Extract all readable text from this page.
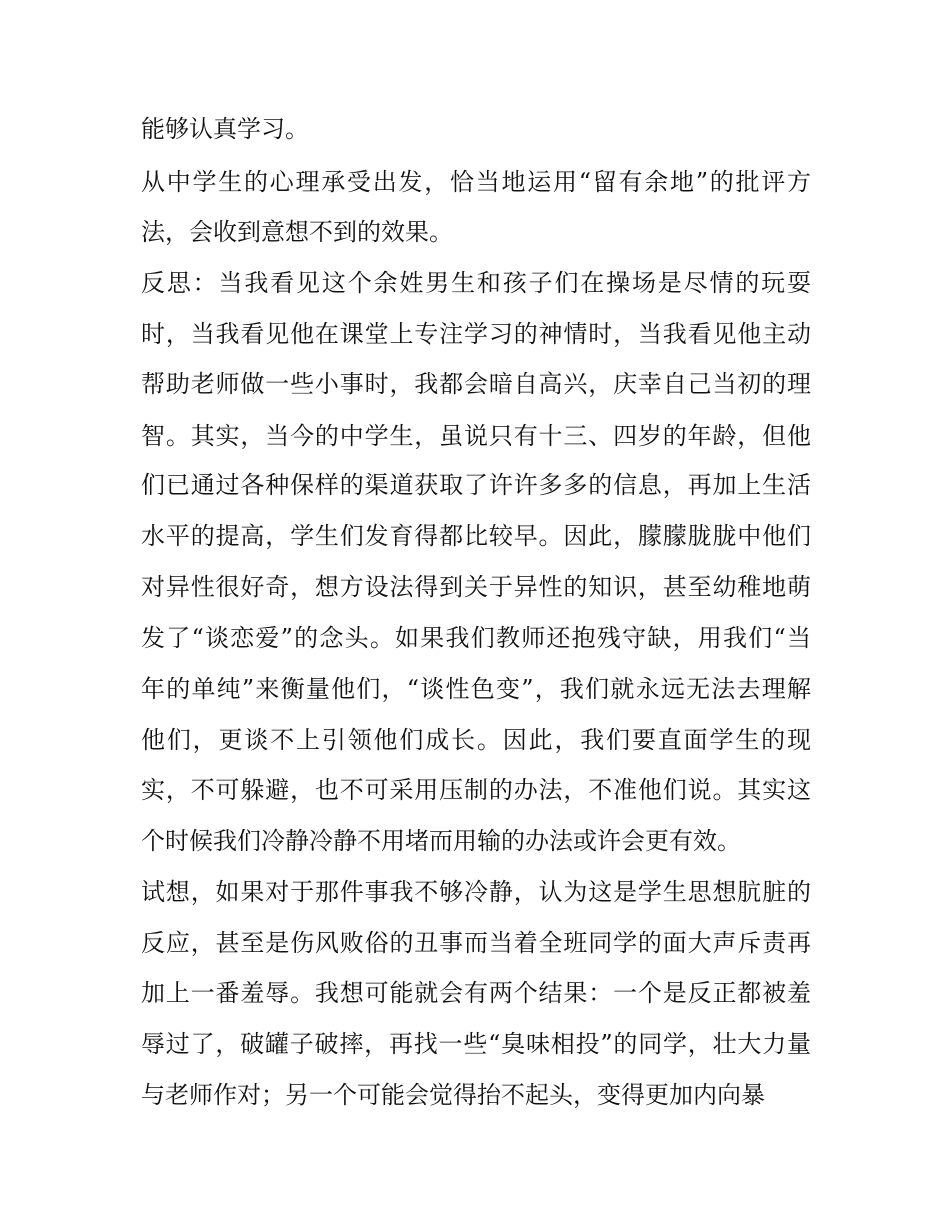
能够认真学习。
从中学生的心理承受出发，恰当地运用“留有余地”的批评方
法，会收到意想不到的效果。
反思：当我看见这个余姓男生和孩子们在操场是尽情的玩耍
时，当我看见他在课堂上专注学习的神情时，当我看见他主动
帮助老师做一些小事时，我都会暗自高兴，庆幸自己当初的理
智。其实，当今的中学生，虽说只有十三、四岁的年龄，但他
们已通过各种保样的渠道获取了许许多多的信息，再加上生活
水平的提高，学生们发育得都比较早。因此，朦朦胧胧中他们
对异性很好奇，想方设法得到关于异性的知识，甚至幼稚地萌
发了“谈恋爱”的念头。如果我们教师还抱残守缺，用我们“当
年的单纯”来衡量他们，“谈性色变”，我们就永远无法去理解
他们，更谈不上引领他们成长。因此，我们要直面学生的现
实，不可躲避，也不可采用压制的办法，不准他们说。其实这
个时候我们冷静冷静不用堵而用输的办法或许会更有效。
试想，如果对于那件事我不够冷静，认为这是学生思想肮脏的
反应，甚至是伤风败俗的丑事而当着全班同学的面大声斥责再
加上一番羞辱。我想可能就会有两个结果：一个是反正都被羞
辱过了，破罐子破摔，再找一些“臭味相投”的同学，壮大力量
与老师作对；另一个可能会觉得抬不起头，变得更加内向暴
